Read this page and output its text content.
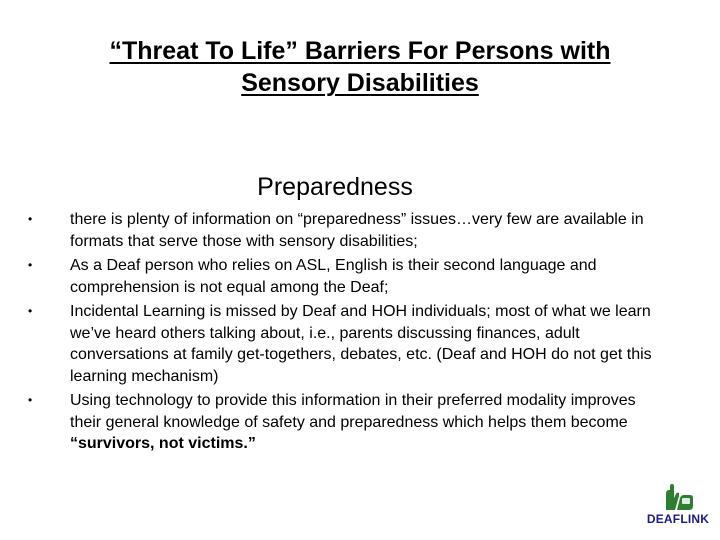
“Threat To Life” Barriers For Persons with
Sensory Disabilities
Preparedness
• there is plenty of information on “preparedness” issues…very few are available in formats that serve those with sensory disabilities;
• As a Deaf person who relies on ASL, English is their second language and comprehension is not equal among the Deaf;
• Incidental Learning is missed by Deaf and HOH individuals; most of what we learn we’ve heard others talking about, i.e., parents discussing finances, adult conversations at family get-togethers, debates, etc. (Deaf and HOH do not get this learning mechanism)
• Using technology to provide this information in their preferred modality improves their general knowledge of safety and preparedness which helps them become “survivors, not victims.”
DEAFLINK
